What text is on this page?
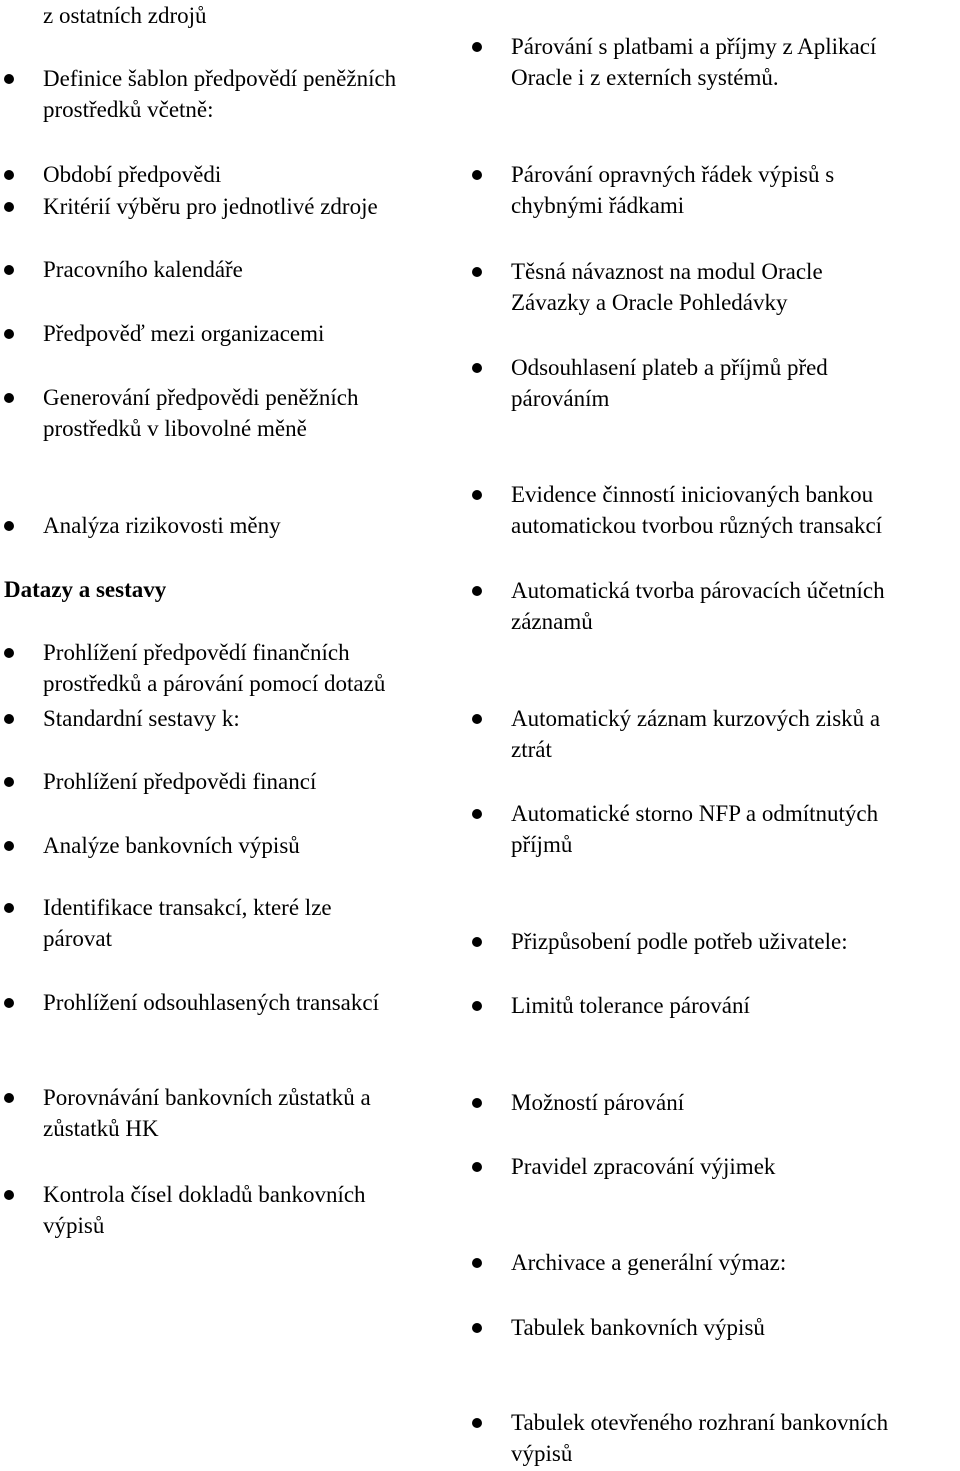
z ostatních zdrojů
Definice šablon předpovědí peněžních
prostředků včetně:
Období předpovědi
Kritérií výběru pro jednotlivé zdroje
Pracovního kalendáře
Předpověď mezi organizacemi
Generování předpovědi peněžních
prostředků v libovolné měně
Analýza rizikovosti měny
Datazy a sestavy
Prohlížení předpovědí finančních
prostředků a párování pomocí dotazů
Standardní sestavy k:
Prohlížení předpovědi financí
Analýze bankovních výpisů
Identifikace transakcí, které lze
párovat
Prohlížení odsouhlasených transakcí
Porovnávání bankovních zůstatků a
zůstatků HK
Kontrola čísel dokladů bankovních
výpisů
Párování s platbami a příjmy z Aplikací
Oracle i z externích systémů.
Párování opravných řádek výpisů s
chybnými řádkami
Těsná návaznost na modul Oracle
Závazky a Oracle Pohledávky
Odsouhlasení plateb a příjmů před
párováním
Evidence činností iniciovaných bankou
automatickou tvorbou různých transakcí
Automatická tvorba párovacích účetních
záznamů
Automatický záznam kurzových zisků a
ztrát
Automatické storno NFP a odmítnutých
příjmů
Přizpůsobení podle potřeb uživatele:
Limitů tolerance párování
Možností párování
Pravidel zpracování výjimek
Archivace a generální výmaz:
Tabulek bankovních výpisů
Tabulek otevřeného rozhraní bankovních
výpisů
